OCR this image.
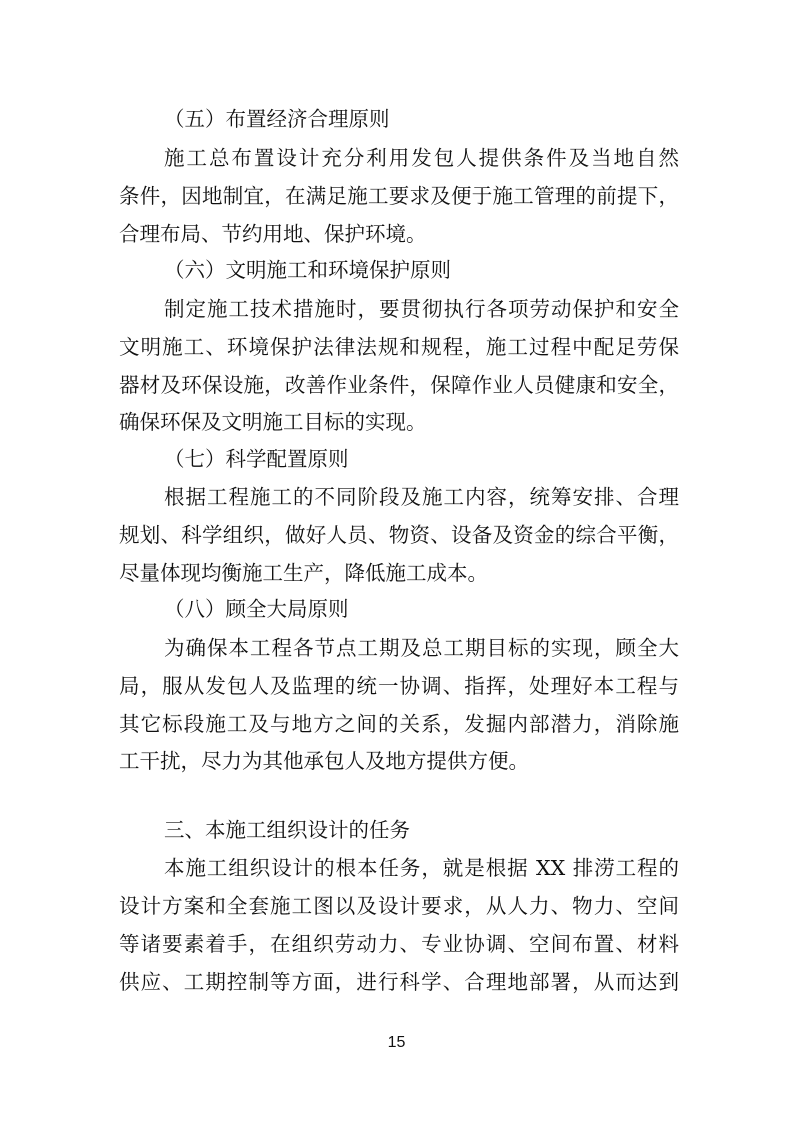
（五）布置经济合理原则
施工总布置设计充分利用发包人提供条件及当地自然
条件，因地制宜，在满足施工要求及便于施工管理的前提下，
合理布局、节约用地、保护环境。
（六）文明施工和环境保护原则
制定施工技术措施时，要贯彻执行各项劳动保护和安全
文明施工、环境保护法律法规和规程，施工过程中配足劳保
器材及环保设施，改善作业条件，保障作业人员健康和安全，
确保环保及文明施工目标的实现。
（七）科学配置原则
根据工程施工的不同阶段及施工内容，统筹安排、合理
规划、科学组织，做好人员、物资、设备及资金的综合平衡，
尽量体现均衡施工生产，降低施工成本。
（八）顾全大局原则
为确保本工程各节点工期及总工期目标的实现，顾全大
局，服从发包人及监理的统一协调、指挥，处理好本工程与
其它标段施工及与地方之间的关系，发掘内部潜力，消除施
工干扰，尽力为其他承包人及地方提供方便。
三、本施工组织设计的任务
本施工组织设计的根本任务，就是根据 XX 排涝工程的
设计方案和全套施工图以及设计要求，从人力、物力、空间
等诸要素着手，在组织劳动力、专业协调、空间布置、材料
供应、工期控制等方面，进行科学、合理地部署，从而达到
15
